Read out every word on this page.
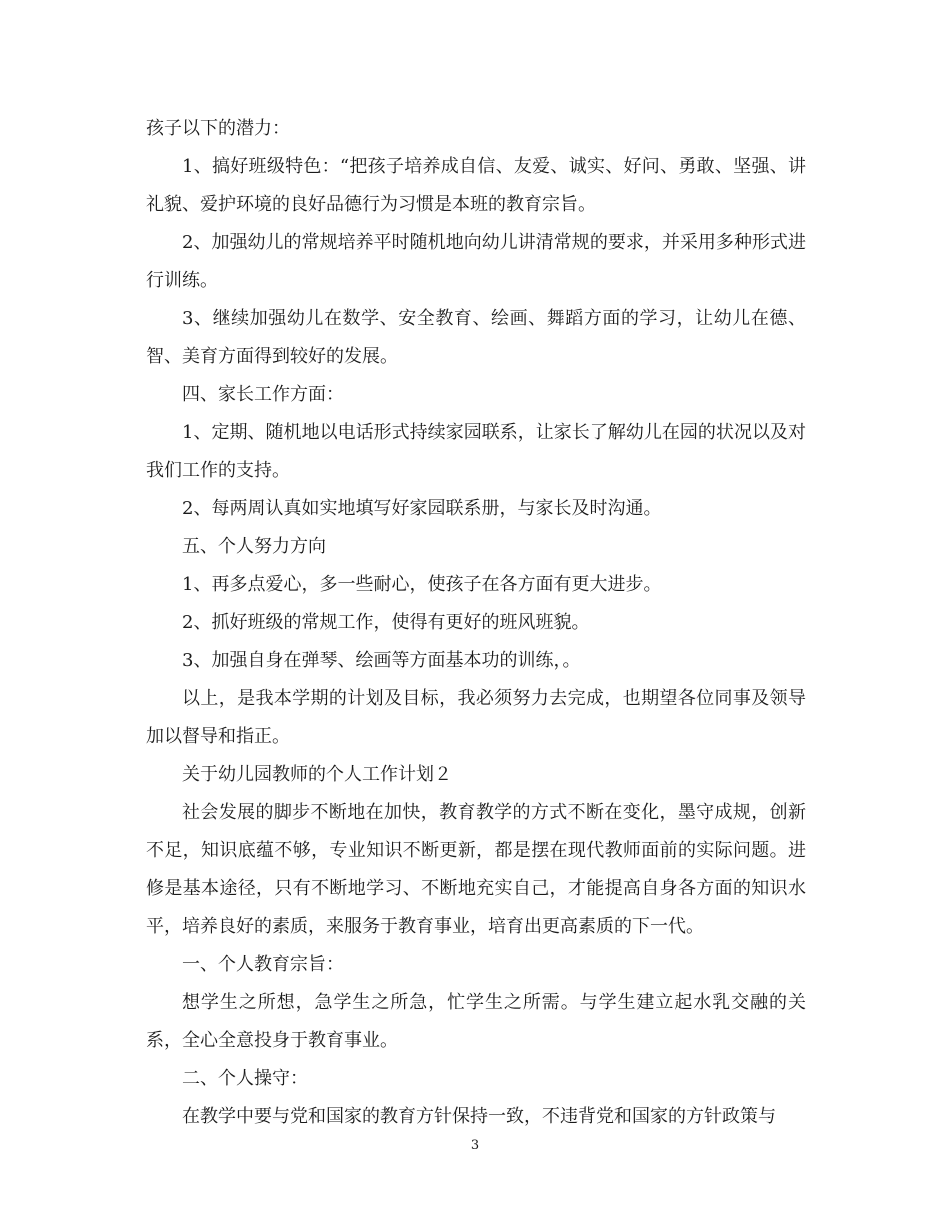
孩子以下的潜力：

1、搞好班级特色：“把孩子培养成自信、友爱、诚实、好问、勇敢、坚强、讲礼貌、爱护环境的良好品德行为习惯是本班的教育宗旨。

2、加强幼儿的常规培养平时随机地向幼儿讲清常规的要求，并采用多种形式进行训练。

3、继续加强幼儿在数学、安全教育、绘画、舞蹈方面的学习，让幼儿在德、智、美育方面得到较好的发展。

四、家长工作方面：

1、定期、随机地以电话形式持续家园联系，让家长了解幼儿在园的状况以及对我们工作的支持。

2、每两周认真如实地填写好家园联系册，与家长及时沟通。

五、个人努力方向

1、再多点爱心，多一些耐心，使孩子在各方面有更大进步。

2、抓好班级的常规工作，使得有更好的班风班貌。

3、加强自身在弹琴、绘画等方面基本功的训练，。

以上，是我本学期的计划及目标，我必须努力去完成，也期望各位同事及领导加以督导和指正。

关于幼儿园教师的个人工作计划２

社会发展的脚步不断地在加快，教育教学的方式不断在变化，墨守成规，创新不足，知识底蕴不够，专业知识不断更新，都是摆在现代教师面前的实际问题。进修是基本途径，只有不断地学习、不断地充实自己，才能提高自身各方面的知识水平，培养良好的素质，来服务于教育事业，培育出更高素质的下一代。

一、个人教育宗旨：

想学生之所想，急学生之所急，忙学生之所需。与学生建立起水乳交融的关系，全心全意投身于教育事业。

二、个人操守：

在教学中要与党和国家的教育方针保持一致，不违背党和国家的方针政策与

3
